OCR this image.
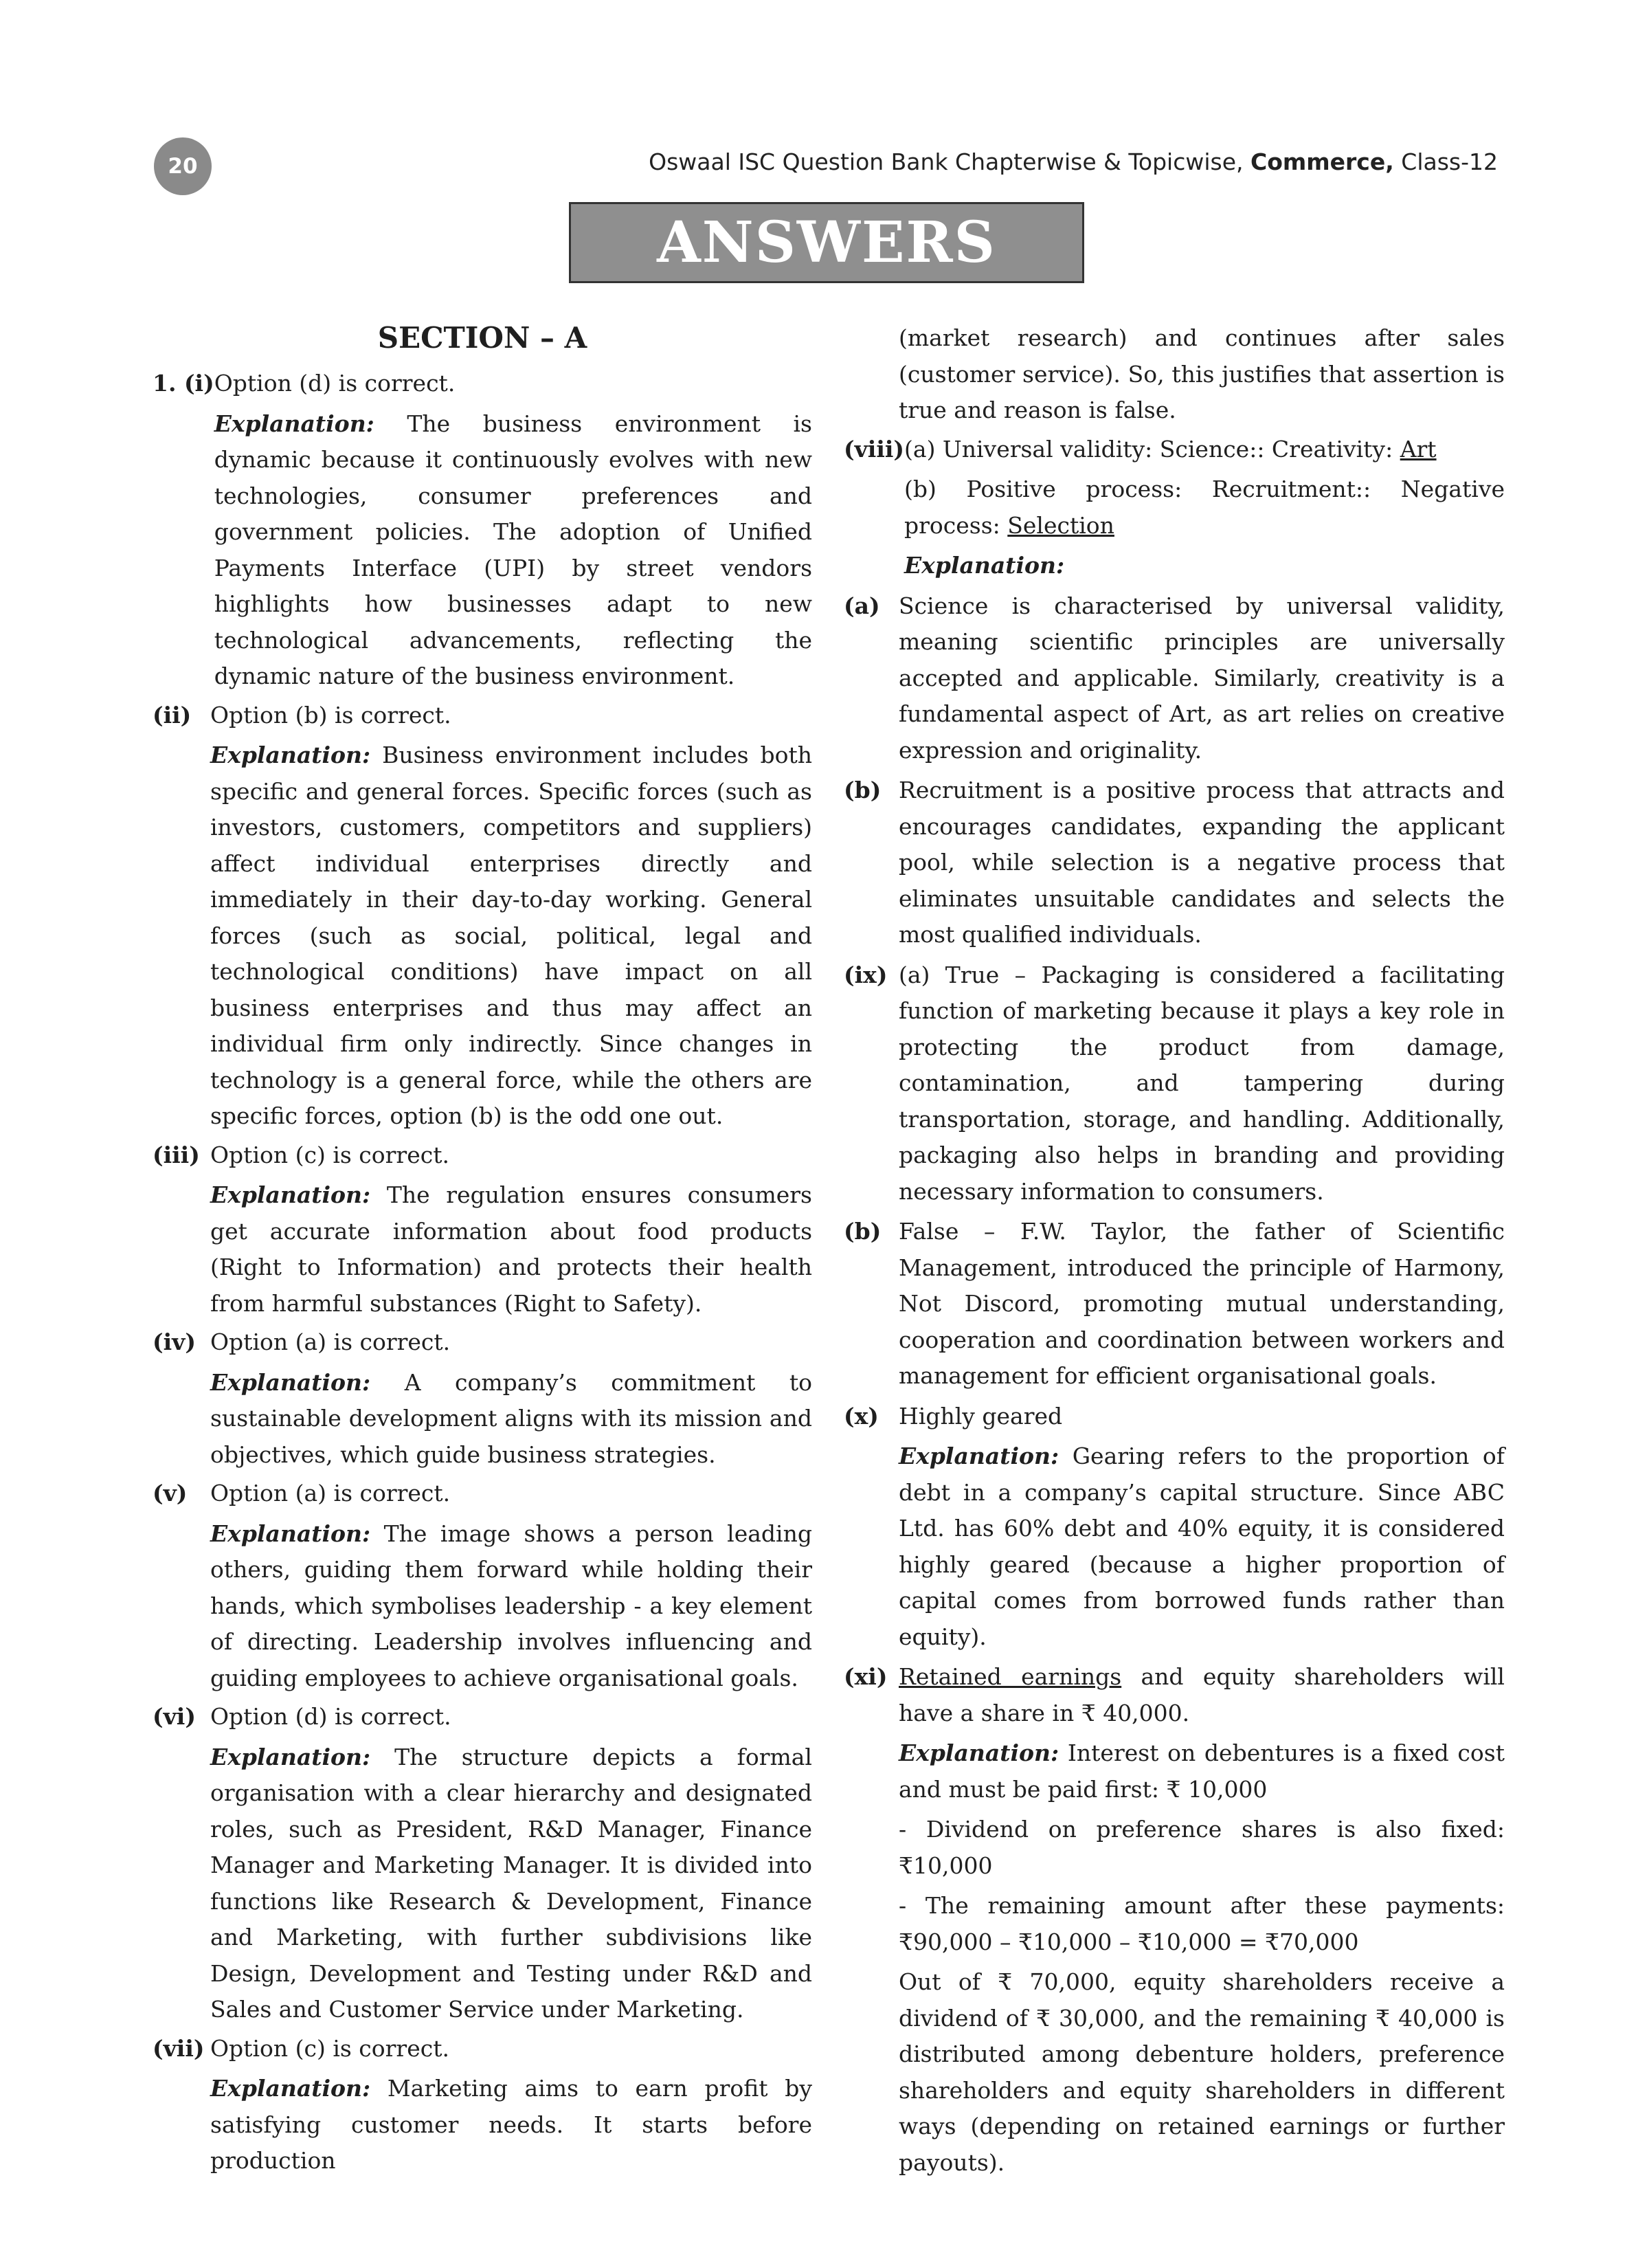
20	Oswaal ISC Question Bank Chapterwise & Topicwise, Commerce, Class-12
ANSWERS
SECTION – A
1. (i) Option (d) is correct.
Explanation: The business environment is dynamic because it continuously evolves with new technologies, consumer preferences and government policies. The adoption of Unified Payments Interface (UPI) by street vendors highlights how businesses adapt to new technological advancements, reflecting the dynamic nature of the business environment.
(ii) Option (b) is correct.
Explanation: Business environment includes both specific and general forces. Specific forces (such as investors, customers, competitors and suppliers) affect individual enterprises directly and immediately in their day-to-day working. General forces (such as social, political, legal and technological conditions) have impact on all business enterprises and thus may affect an individual firm only indirectly. Since changes in technology is a general force, while the others are specific forces, option (b) is the odd one out.
(iii) Option (c) is correct.
Explanation: The regulation ensures consumers get accurate information about food products (Right to Information) and protects their health from harmful substances (Right to Safety).
(iv) Option (a) is correct.
Explanation: A company’s commitment to sustainable development aligns with its mission and objectives, which guide business strategies.
(v)	Option (a) is correct.
Explanation: The image shows a person leading others, guiding them forward while holding their hands, which symbolises leadership - a key element of directing. Leadership involves influencing and guiding employees to achieve organisational goals.
(vi) Option (d) is correct.
Explanation: The structure depicts a formal organisation with a clear hierarchy and designated roles, such as President, R&D Manager, Finance Manager and Marketing Manager. It is divided into functions like Research & Development, Finance and Marketing, with further subdivisions like Design, Development and Testing under R&D and Sales and Customer Service under Marketing.
(vii) Option (c) is correct.
Explanation: Marketing aims to earn profit by satisfying customer needs. It starts before production
(market research) and continues after sales (customer service). So, this justifies that assertion is true and reason is false.
(viii) (a) Universal validity: Science:: Creativity: Art
(b) Positive process: Recruitment:: Negative process: Selection
Explanation:
(a) Science is characterised by universal validity, meaning scientific principles are universally accepted and applicable. Similarly, creativity is a fundamental aspect of Art, as art relies on creative expression and originality.
(b) Recruitment is a positive process that attracts and encourages candidates, expanding the applicant pool, while selection is a negative process that eliminates unsuitable candidates and selects the most qualified individuals.
(ix) (a) True – Packaging is considered a facilitating function of marketing because it plays a key role in protecting the product from damage, contamination, and tampering during transportation, storage, and handling. Additionally, packaging also helps in branding and providing necessary information to consumers.
(b) False – F.W. Taylor, the father of Scientific Management, introduced the principle of Harmony, Not Discord, promoting mutual understanding, cooperation and coordination between workers and management for efficient organisational goals.
(x) Highly geared
Explanation: Gearing refers to the proportion of debt in a company’s capital structure. Since ABC Ltd. has 60% debt and 40% equity, it is considered highly geared (because a higher proportion of capital comes from borrowed funds rather than equity).
(xi) Retained earnings and equity shareholders will have a share in ₹ 40,000.
Explanation: Interest on debentures is a fixed cost and must be paid first: ₹ 10,000
- Dividend on preference shares is also fixed: ₹10,000
- The remaining amount after these payments: ₹90,000 – ₹10,000 – ₹10,000 = ₹70,000
Out of ₹ 70,000, equity shareholders receive a dividend of ₹ 30,000, and the remaining ₹ 40,000 is distributed among debenture holders, preference shareholders and equity shareholders in different ways (depending on retained earnings or further payouts).
